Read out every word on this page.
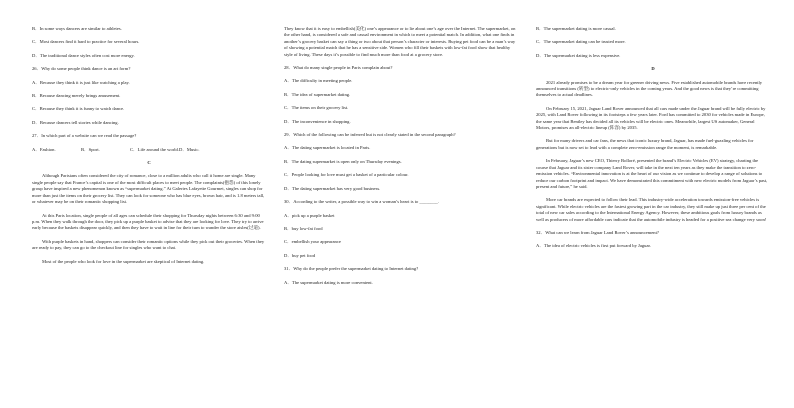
B．In some ways dancers are similar to athletes.

C．Most dancers find it hard to practice for several hours.

D．The traditional dance styles often cost more energy.

26．Why do some people think dance is an art form?

A．Because they think it is just like watching a play.

B．Because dancing merely brings amusement.

C．Because they think it is funny to watch dance.

D．Because dancers tell stories while dancing.

27．In which part of a website can we read the passage?

A．Fashion.	B．Sport.	C．Life around the world. D．Music.

C

Although Parisians often considered the city of romance, close to a million adults who call it home are single. Many single people say that France’s capital is one of the most difficult places to meet people. The complaints(抱怨) of this lonely group have inspired a new phenomenon known as “supermarket dating.” At Galeries Lafayette Gourmet, singles can shop for more than just the items on their grocery list. They can look for someone who has blue eyes, brown hair, and is 1.8 meters tall, or whatever may be on their romantic shopping list.

At this Paris location, single people of all ages can schedule their shopping for Thursday nights between 6:30 and 9:00 p.m. When they walk through the door, they pick up a purple basket to advise that they are looking for love. They try to arrive early because the baskets disappear quickly, and then they have to wait in line for their turn to wander the store aisles(过道).

With purple baskets in hand, shoppers can consider their romantic options while they pick out their groceries. When they are ready to pay, they can go to the checkout line for singles who want to chat.

Most of the people who look for love in the supermarket are skeptical of Internet dating.

They know that it is easy to embellish(美化) one’s appearance or to lie about one’s age over the Internet. The supermarket, on the other hand, is considered a safe and casual environment in which to meet a potential match. In addition, what one finds in another’s grocery basket can say a thing or two about that person’s character or interests. Buying pet food can be a man’s way of showing a potential match that he has a sensitive side. Women who fill their baskets with low-fat food show that healthy style of living. These days it’s possible to find much more than food at a grocery store.

28．What do many single people in Paris complain about?

A．The difficulty in meeting people.

B．The idea of supermarket dating.

C．The items on their grocery list.

D．The inconvenience in shopping.

29．Which of the following can be inferred but is not clearly stated in the second paragraph?

A．The dating supermarket is located in Paris.

B．The dating supermarket is open only on Thursday evenings.

C．People looking for love must get a basket of a particular colour.

D．The dating supermarket has very good business.

30．According to the writer, a possible way to win a woman’s heart is to ________.

A．pick up a purple basket

B．buy low-fat food

C．embellish your appearance

D．buy pet food

31．Why do the people prefer the supermarket dating to Internet dating?

A．The supermarket dating is more convenient.

B．The supermarket dating is more casual.

C．The supermarket dating can be trusted more.

D．The supermarket dating is less expensive.

D

2021 already promises to be a dream year for greener driving news. Five established automobile brands have recently announced transitions (转型) to electric-only vehicles in the coming years. And the good news is that they’re committing themselves to actual deadlines.

On February 15, 2021, Jaguar Land Rover announced that all cars made under the Jaguar brand will be fully electric by 2025, with Land Rover following in its footsteps a few years later. Ford has committed to 2030 for vehicles made in Europe, the same year that Bentley has decided all its vehicles will be electric ones. Meanwhile, largest US automaker, General Motors, promises an all-electric lineup (阵容) by 2035.

But for many drivers and car fans, the news that iconic luxury brand, Jaguar, has made fuel-guzzling vehicles for generations but is now set to lead with a complete zero-emission range the moment, is remarkable.

In February, Jaguar’s new CEO, Thierry Bolloré, presented the brand’s Electric Vehicles (EV) strategy, charting the course that Jaguar and its sister company Land Rover, will take in the next ten years as they make the transition to zero-emission vehicles. “Environmental innovation is at the heart of our vision as we continue to develop a range of solutions to reduce our carbon footprint and impact. We have demonstrated this commitment with new electric models from Jaguar’s past, present and future,” he said.

More car brands are expected to follow their lead. This industry-wide acceleration towards emission-free vehicles is significant. While electric vehicles are the fastest growing part in the car industry, they still make up just three per cent of the total of new car sales according to the International Energy Agency. However, these ambitious goals from luxury brands as well as producers of more affordable cars indicate that the automobile industry is headed for a positive sea change very soon!

32．What can we learn from Jaguar Land Rover’s announcement?

A．The idea of electric vehicles is first put forward by Jaguar.
